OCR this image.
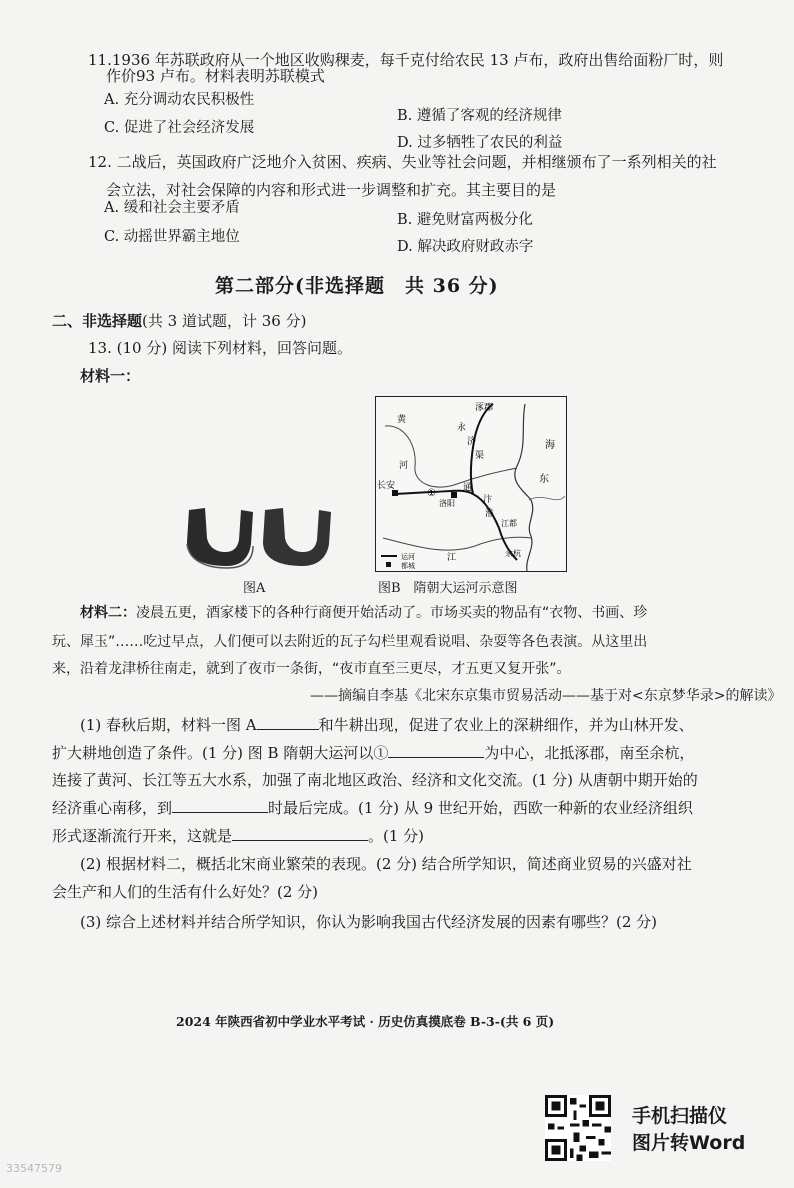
11.1936 年苏联政府从一个地区收购稞麦，每千克付给农民 13 卢布，政府出售给面粉厂时，则
作价93 卢布。材料表明苏联模式
A. 充分调动农民积极性
B. 遵循了客观的经济规律
C. 促进了社会经济发展
D. 过多牺牲了农民的利益
12. 二战后，英国政府广泛地介入贫困、疾病、失业等社会问题，并相继颁布了一系列相关的社
会立法，对社会保障的内容和形式进一步调整和扩充。其主要目的是
A. 缓和社会主要矛盾
B. 避免财富两极分化
C. 动摇世界霸主地位
D. 解决政府财政赤字
第二部分(非选择题　共 36 分)
二、非选择题(共 3 道试题，计 36 分)
13. (10 分) 阅读下列材料，回答问题。
材料一：
图A
运河
都城
涿郡
黄
河
永
济
渠
海
东
长安
①
洛阳
通
汴
江都
余杭
江
淮
图B　隋朝大运河示意图
材料二：凌晨五更，酒家楼下的各种行商便开始活动了。市场买卖的物品有“衣物、书画、珍
玩、犀玉”……吃过早点，人们便可以去附近的瓦子勾栏里观看说唱、杂耍等各色表演。从这里出
来，沿着龙津桥往南走，就到了夜市一条街，“夜市直至三更尽，才五更又复开张”。
——摘编自李基《北宋东京集市贸易活动——基于对<东京梦华录>的解读》
(1) 春秋后期，材料一图 A	和牛耕出现，促进了农业上的深耕细作，并为山林开发、
扩大耕地创造了条件。(1 分) 图 B 隋朝大运河以①	为中心，北抵涿郡，南至余杭，
连接了黄河、长江等五大水系，加强了南北地区政治、经济和文化交流。(1 分) 从唐朝中期开始的
经济重心南移，到	时最后完成。(1 分) 从 9 世纪开始，西欧一种新的农业经济组织
形式逐渐流行开来，这就是	。(1 分)
(2) 根据材料二，概括北宋商业繁荣的表现。(2 分) 结合所学知识，简述商业贸易的兴盛对社
会生产和人们的生活有什么好处？(2 分)
(3) 综合上述材料并结合所学知识，你认为影响我国古代经济发展的因素有哪些？(2 分)
2024 年陕西省初中学业水平考试 · 历史仿真摸底卷 B-3-(共 6 页)
手机扫描仪
图片转Word
33547579
